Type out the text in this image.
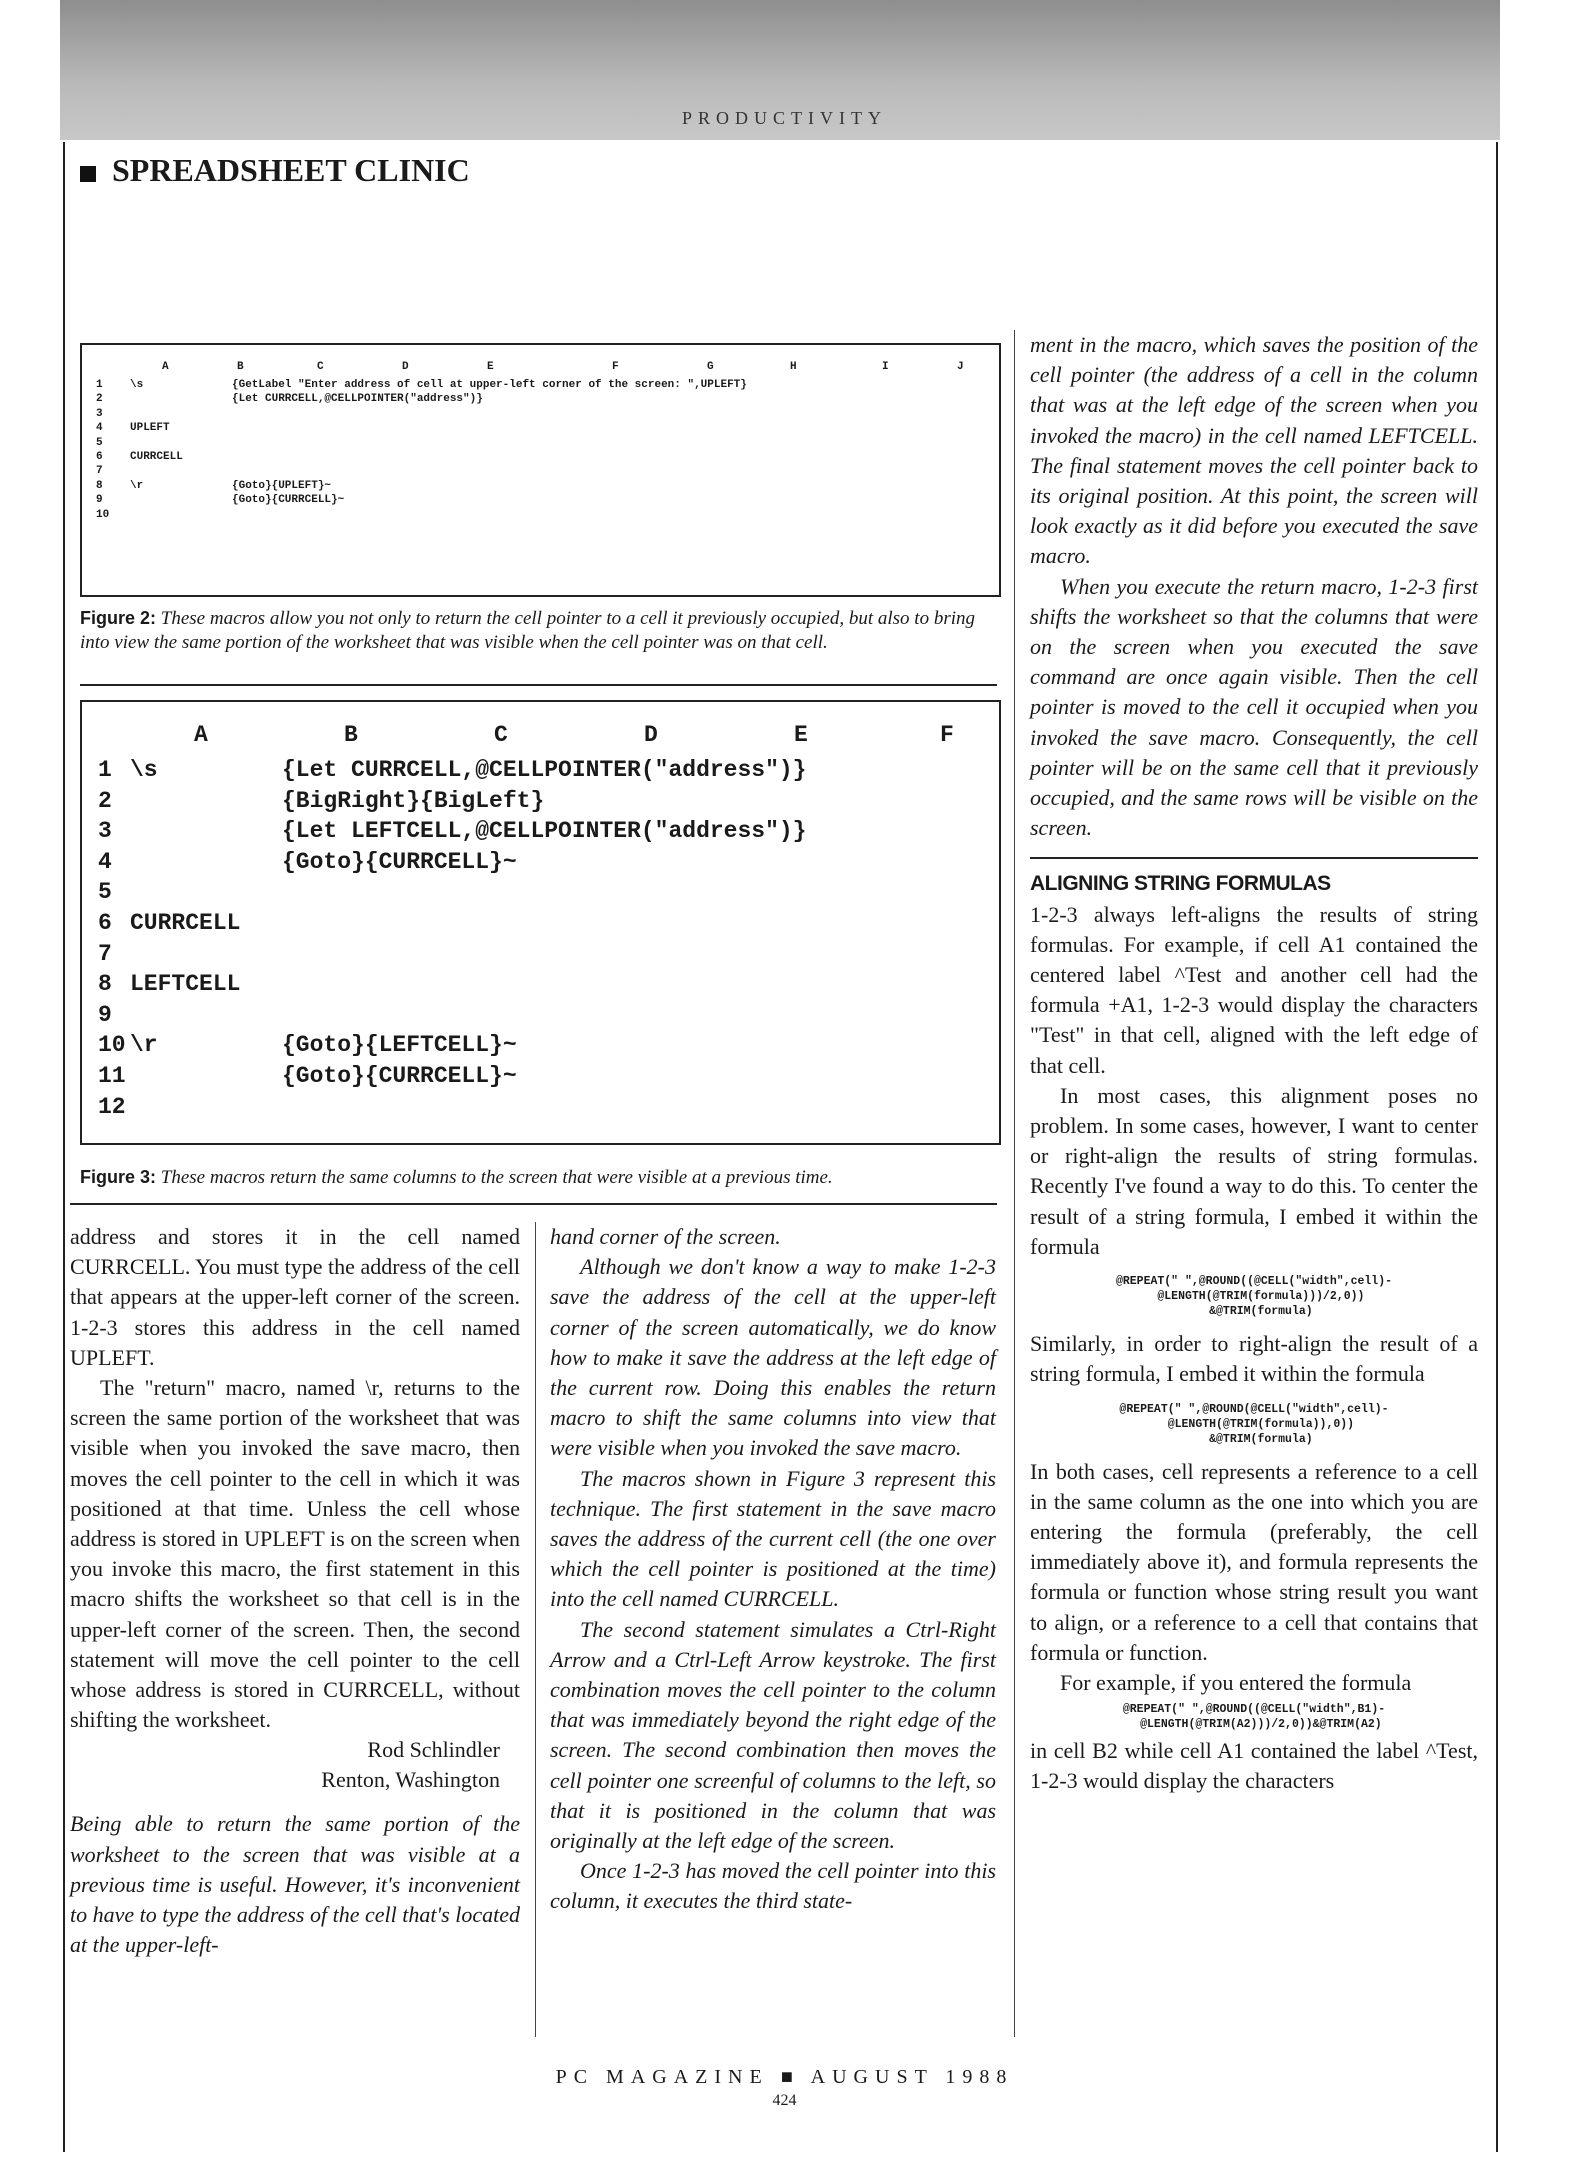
PRODUCTIVITY
SPREADSHEET CLINIC
A	B	C	D	E	F	G	H	I	J
1 \s	{GetLabel "Enter address of cell at upper-left corner of the screen: ",UPLEFT}
2	{Let CURRCELL,@CELLPOINTER("address")}
3
4 UPLEFT
5
6 CURRCELL
7
8 \r	{Goto}{UPLEFT}~
9	{Goto}{CURRCELL}~
10
Figure 2: These macros allow you not only to return the cell pointer to a cell it previously occupied, but also to bring into view the same portion of the worksheet that was visible when the cell pointer was on that cell.
A	B	C	D	E	F
1 \s	{Let CURRCELL,@CELLPOINTER("address")}
2	{BigRight}{BigLeft}
3	{Let LEFTCELL,@CELLPOINTER("address")}
4	{Goto}{CURRCELL}~
5
6 CURRCELL
7
8 LEFTCELL
9
10 \r	{Goto}{LEFTCELL}~
11	{Goto}{CURRCELL}~
12
Figure 3: These macros return the same columns to the screen that were visible at a previous time.

address and stores it in the cell named CURRCELL. You must type the address of the cell that appears at the upper-left corner of the screen. 1-2-3 stores this address in the cell named UPLEFT.

The "return" macro, named \r, returns to the screen the same portion of the worksheet that was visible when you invoked the save macro, then moves the cell pointer to the cell in which it was positioned at that time. Unless the cell whose address is stored in UPLEFT is on the screen when you invoke this macro, the first statement in this macro shifts the worksheet so that cell is in the upper-left corner of the screen. Then, the second statement will move the cell pointer to the cell whose address is stored in CURRCELL, without shifting the worksheet.

Rod Schlindler
Renton, Washington

Being able to return the same portion of the worksheet to the screen that was visible at a previous time is useful. However, it's inconvenient to have to type the address of the cell that's located at the upper-left-

hand corner of the screen.

Although we don't know a way to make 1-2-3 save the address of the cell at the upper-left corner of the screen automatically, we do know how to make it save the address at the left edge of the current row. Doing this enables the return macro to shift the same columns into view that were visible when you invoked the save macro.

The macros shown in Figure 3 represent this technique. The first statement in the save macro saves the address of the current cell (the one over which the cell pointer is positioned at the time) into the cell named CURRCELL.

The second statement simulates a Ctrl-Right Arrow and a Ctrl-Left Arrow keystroke. The first combination moves the cell pointer to the column that was immediately beyond the right edge of the screen. The second combination then moves the cell pointer one screenful of columns to the left, so that it is positioned in the column that was originally at the left edge of the screen.

Once 1-2-3 has moved the cell pointer into this column, it executes the third state-

ment in the macro, which saves the position of the cell pointer (the address of a cell in the column that was at the left edge of the screen when you invoked the macro) in the cell named LEFTCELL. The final statement moves the cell pointer back to its original position. At this point, the screen will look exactly as it did before you executed the save macro.

When you execute the return macro, 1-2-3 first shifts the worksheet so that the columns that were on the screen when you executed the save command are once again visible. Then the cell pointer is moved to the cell it occupied when you invoked the save macro. Consequently, the cell pointer will be on the same cell that it previously occupied, and the same rows will be visible on the screen.

ALIGNING STRING FORMULAS

1-2-3 always left-aligns the results of string formulas. For example, if cell A1 contained the centered label ^Test and another cell had the formula +A1, 1-2-3 would display the characters "Test" in that cell, aligned with the left edge of that cell.

In most cases, this alignment poses no problem. In some cases, however, I want to center or right-align the results of string formulas. Recently I've found a way to do this. To center the result of a string formula, I embed it within the formula

@REPEAT(" ",@ROUND((@CELL("width",cell)-
@LENGTH(@TRIM(formula)))/2,0))
&@TRIM(formula)

Similarly, in order to right-align the result of a string formula, I embed it within the formula

@REPEAT(" ",@ROUND(@CELL("width",cell)-
@LENGTH(@TRIM(formula)),0))
&@TRIM(formula)

In both cases, cell represents a reference to a cell in the same column as the one into which you are entering the formula (preferably, the cell immediately above it), and formula represents the formula or function whose string result you want to align, or a reference to a cell that contains that formula or function.

For example, if you entered the formula

@REPEAT(" ",@ROUND((@CELL("width",B1)-
@LENGTH(@TRIM(A2)))/2,0))&@TRIM(A2)

in cell B2 while cell A1 contained the label ^Test, 1-2-3 would display the characters

PC MAGAZINE ■ AUGUST 1988
424
